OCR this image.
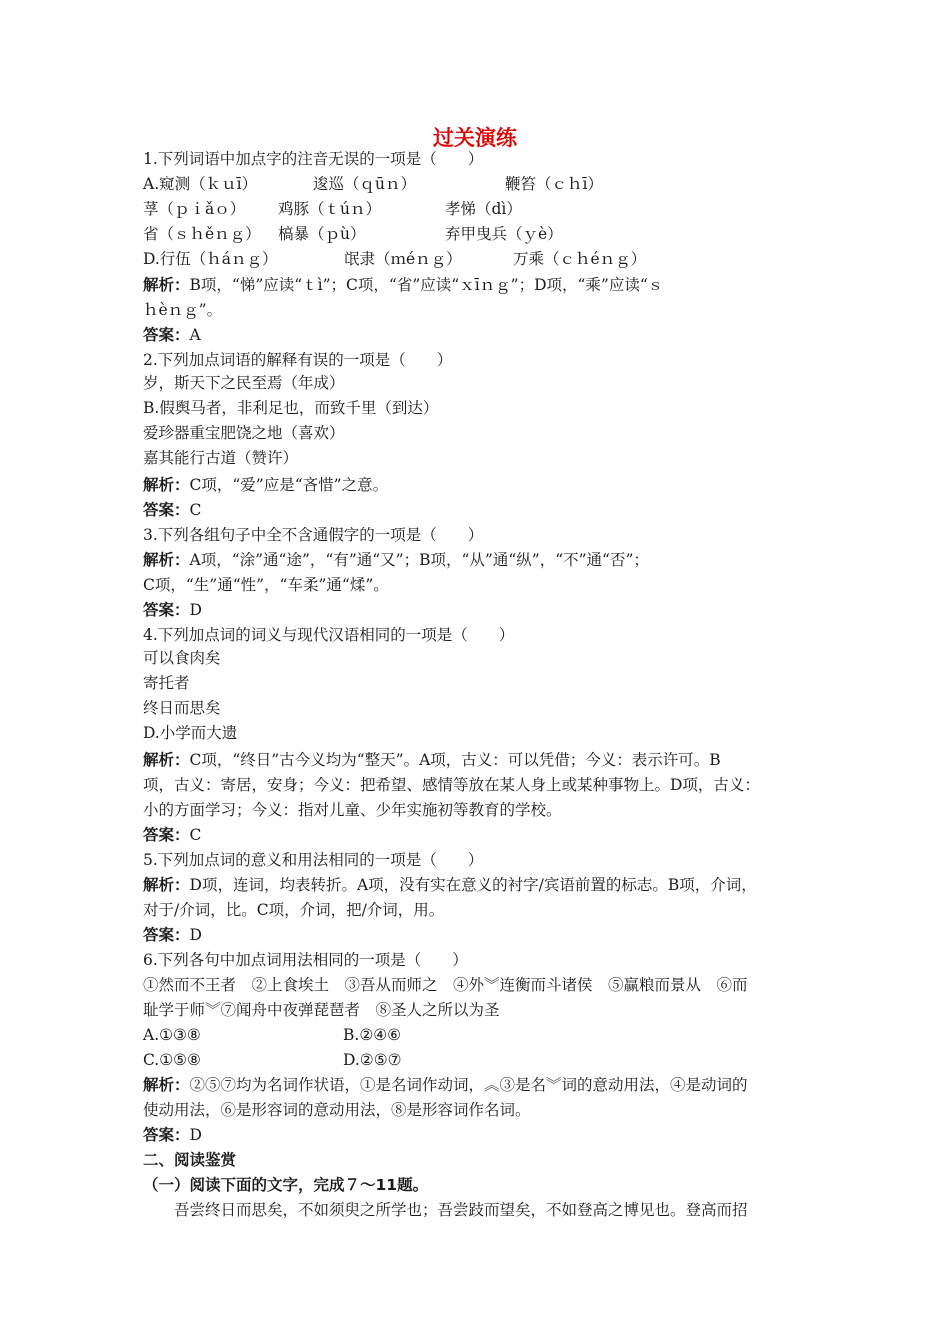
过关演练
1.下列词语中加点字的注音无误的一项是（　　）
A.窥测（ｋｕī）	逡巡（ｑūｎ）	鞭笞（ｃｈī）
莩（ｐｉǎｏ） 鸡豚（ｔúｎ）	孝悌（dì）
省（ｓｈěｎｇ） 槁暴（ｐù）	弃甲曳兵（ｙè）
D.行伍（ｈáｎｇ）	氓隶（ｍéｎｇ）	万乘（ｃｈéｎｇ）
解析：B项，“悌”应读“ｔì”；C项，“省”应读“ｘīｎｇ”；D项，“乘”应读“ｓ
ｈèｎｇ”。
答案：A
2.下列加点词语的解释有误的一项是（　　）
岁，斯天下之民至焉（年成）
B.假舆马者，非利足也，而致千里（到达）
爱珍器重宝肥饶之地（喜欢）
嘉其能行古道（赞许）
解析：C项，“爱”应是“吝惜”之意。
答案：C
3.下列各组句子中全不含通假字的一项是（　　）
解析：A项，“涂”通“途”，“有”通“又”；B项，“从”通“纵”，“不”通“否”；
C项，“生”通“性”，“车柔”通“煣”。
答案：D
4.下列加点词的词义与现代汉语相同的一项是（　　）
可以食肉矣
寄托者
终日而思矣
D.小学而大遗
解析：C项，“终日”古今义均为“整天”。A项，古义：可以凭借；今义：表示许可。B
项，古义：寄居，安身；今义：把希望、感情等放在某人身上或某种事物上。D项，古义：
小的方面学习；今义：指对儿童、少年实施初等教育的学校。
答案：C
5.下列加点词的意义和用法相同的一项是（　　）
解析：D项，连词，均表转折。A项，没有实在意义的衬字/宾语前置的标志。B项，介词，
对于/介词，比。C项，介词，把/介词，用。
答案：D
6.下列各句中加点词用法相同的一项是（　　）
①然而不王者　②上食埃土　③吾从而师之　④外︾连衡而斗诸侯　⑤赢粮而景从　⑥而
耻学于师︾⑦闻舟中夜弹琵琶者　⑧圣人之所以为圣
A.①③⑧	B.②④⑥
C.①⑤⑧	D.②⑤⑦
解析：②⑤⑦均为名词作状语，①是名词作动词，︽③是名︾词的意动用法，④是动词的
使动用法，⑥是形容词的意动用法，⑧是形容词作名词。
答案：D
二、阅读鉴赏
（一）阅读下面的文字，完成７～11题。
　　吾尝终日而思矣，不如须臾之所学也；吾尝跂而望矣，不如登高之博见也。登高而招
